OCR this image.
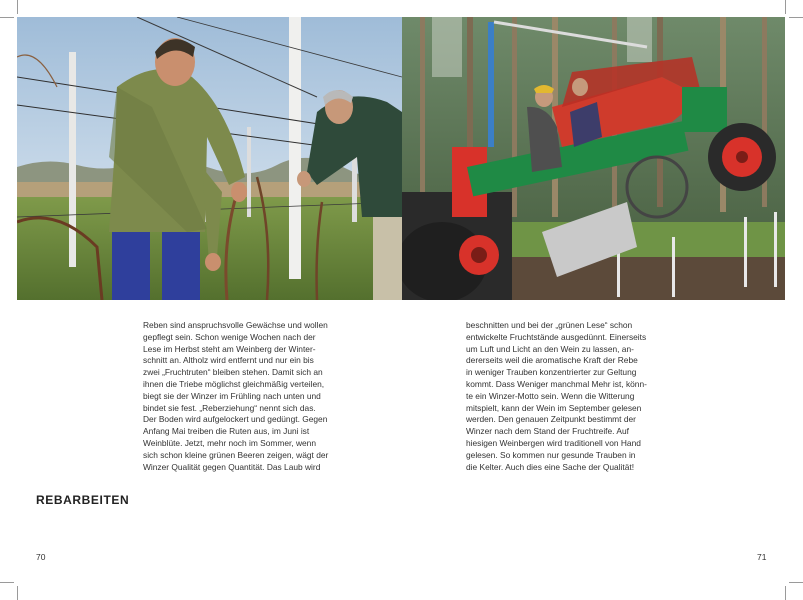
Reben sind anspruchsvolle Gewächse und wollen
gepflegt sein. Schon wenige Wochen nach der
Lese im Herbst steht am Weinberg der Winter-
schnitt an. Altholz wird entfernt und nur ein bis
zwei „Fruchtruten“ bleiben stehen. Damit sich an
ihnen die Triebe möglichst gleichmäßig verteilen,
biegt sie der Winzer im Frühling nach unten und
bindet sie fest. „Reberziehung“ nennt sich das.
Der Boden wird aufgelockert und gedüngt. Gegen
Anfang Mai treiben die Ruten aus, im Juni ist
Weinblüte. Jetzt, mehr noch im Sommer, wenn
sich schon kleine grünen Beeren zeigen, wägt der
Winzer Qualität gegen Quantität. Das Laub wird

beschnitten und bei der „grünen Lese“ schon
entwickelte Fruchtstände ausgedünnt. Einerseits
um Luft und Licht an den Wein zu lassen, an-
dererseits weil die aromatische Kraft der Rebe
in weniger Trauben konzentrierter zur Geltung
kommt. Dass Weniger manchmal Mehr ist, könn-
te ein Winzer-Motto sein. Wenn die Witterung
mitspielt, kann der Wein im September gelesen
werden. Den genauen Zeitpunkt bestimmt der
Winzer nach dem Stand der Fruchtreife. Auf
hiesigen Weinbergen wird traditionell von Hand
gelesen. So kommen nur gesunde Trauben in
die Kelter. Auch dies eine Sache der Qualität!

REBARBEITEN
70	71
